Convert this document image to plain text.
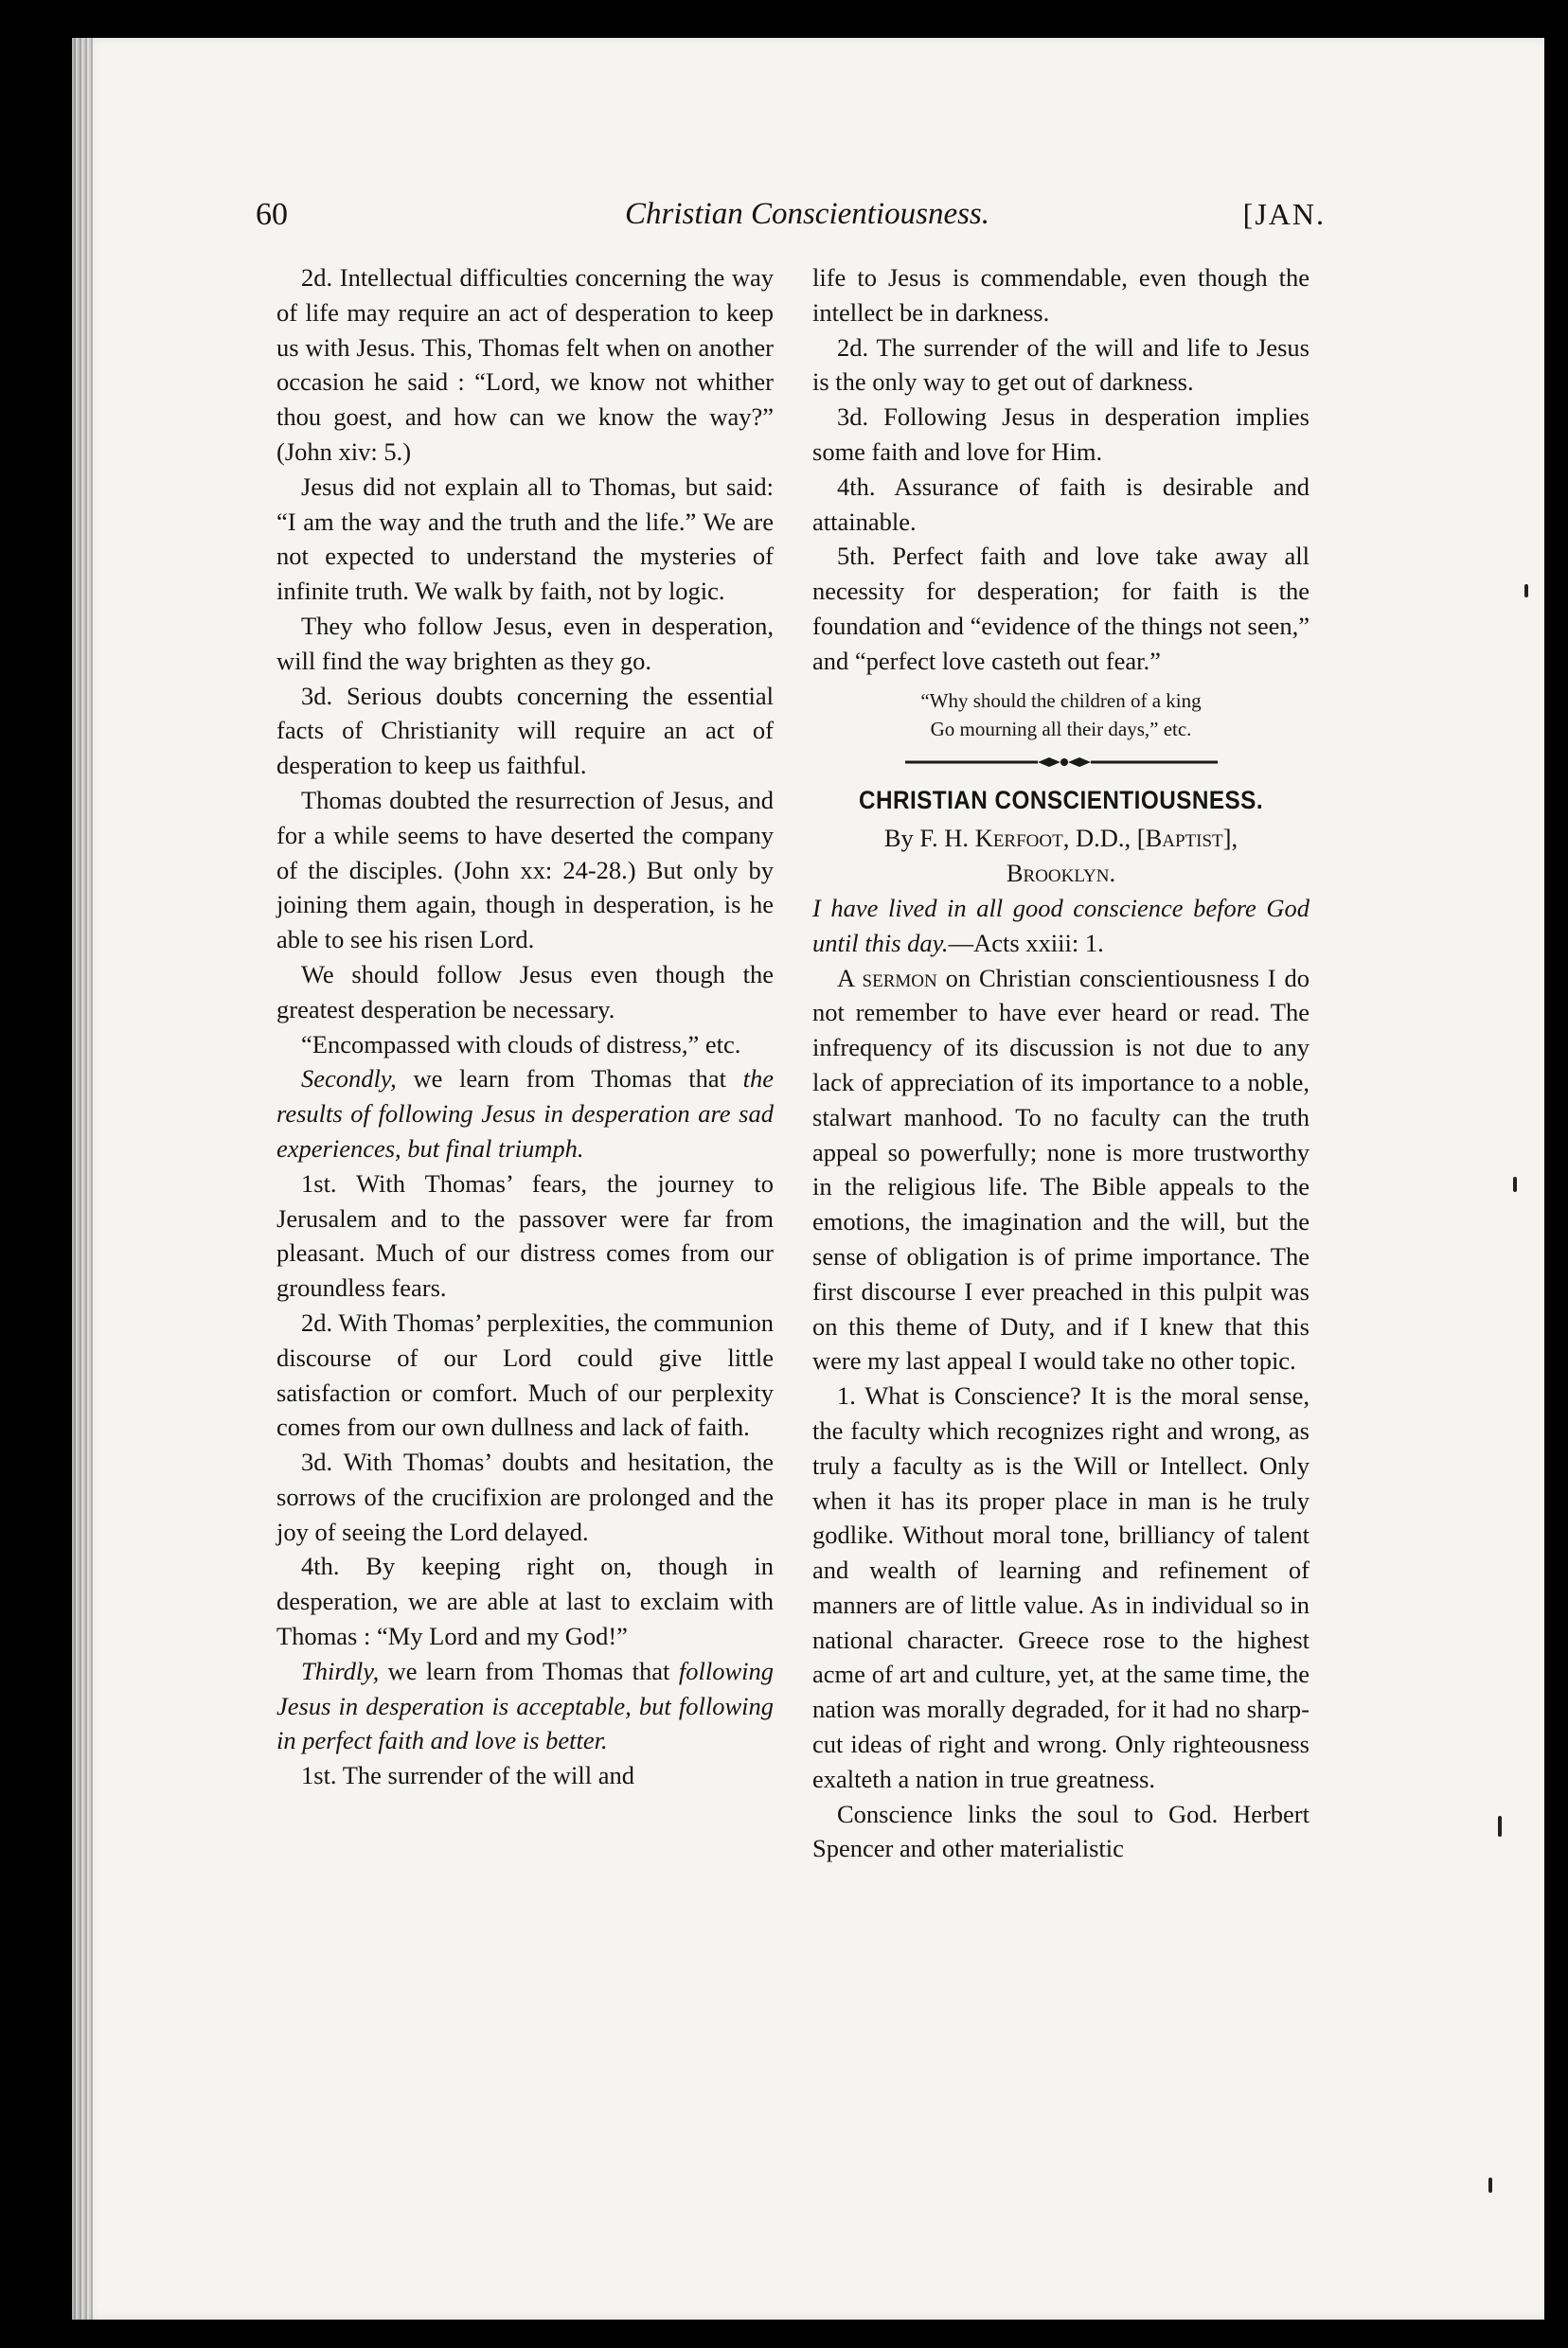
60	Christian Conscientiousness.	[JAN.

2d. Intellectual difficulties concerning the way of life may require an act of desperation to keep us with Jesus. This, Thomas felt when on another occasion he said : “Lord, we know not whither thou goest, and how can we know the way?” (John xiv: 5.)

Jesus did not explain all to Thomas, but said: “I am the way and the truth and the life.” We are not expected to understand the mysteries of infinite truth. We walk by faith, not by logic.

They who follow Jesus, even in desperation, will find the way brighten as they go.

3d. Serious doubts concerning the essential facts of Christianity will require an act of desperation to keep us faithful.

Thomas doubted the resurrection of Jesus, and for a while seems to have deserted the company of the disciples. (John xx: 24-28.) But only by joining them again, though in desperation, is he able to see his risen Lord.

We should follow Jesus even though the greatest desperation be necessary.

“Encompassed with clouds of distress,” etc.

Secondly, we learn from Thomas that the results of following Jesus in desperation are sad experiences, but final triumph.

1st. With Thomas’ fears, the journey to Jerusalem and to the passover were far from pleasant. Much of our distress comes from our groundless fears.

2d. With Thomas’ perplexities, the communion discourse of our Lord could give little satisfaction or comfort. Much of our perplexity comes from our own dullness and lack of faith.

3d. With Thomas’ doubts and hesitation, the sorrows of the crucifixion are prolonged and the joy of seeing the Lord delayed.

4th. By keeping right on, though in desperation, we are able at last to exclaim with Thomas : “My Lord and my God!”

Thirdly, we learn from Thomas that following Jesus in desperation is acceptable, but following in perfect faith and love is better.

1st. The surrender of the will and

life to Jesus is commendable, even though the intellect be in darkness.

2d. The surrender of the will and life to Jesus is the only way to get out of darkness.

3d. Following Jesus in desperation implies some faith and love for Him.

4th. Assurance of faith is desirable and attainable.

5th. Perfect faith and love take away all necessity for desperation; for faith is the foundation and “evidence of the things not seen,” and “perfect love casteth out fear.”

“Why should the children of a king
Go mourning all their days,” etc.
CHRISTIAN CONSCIENTIOUSNESS.

By F. H. Kerfoot, D.D., [Baptist],

Brooklyn.

I have lived in all good conscience before God until this day.—Acts xxiii: 1.

A sermon on Christian conscientiousness I do not remember to have ever heard or read. The infrequency of its discussion is not due to any lack of appreciation of its importance to a noble, stalwart manhood. To no faculty can the truth appeal so powerfully; none is more trustworthy in the religious life. The Bible appeals to the emotions, the imagination and the will, but the sense of obligation is of prime importance. The first discourse I ever preached in this pulpit was on this theme of Duty, and if I knew that this were my last appeal I would take no other topic.

1. What is Conscience? It is the moral sense, the faculty which recognizes right and wrong, as truly a faculty as is the Will or Intellect. Only when it has its proper place in man is he truly godlike. Without moral tone, brilliancy of talent and wealth of learning and refinement of manners are of little value. As in individual so in national character. Greece rose to the highest acme of art and culture, yet, at the same time, the nation was morally degraded, for it had no sharp-cut ideas of right and wrong. Only righteousness exalteth a nation in true greatness.

Conscience links the soul to God. Herbert Spencer and other materialistic
